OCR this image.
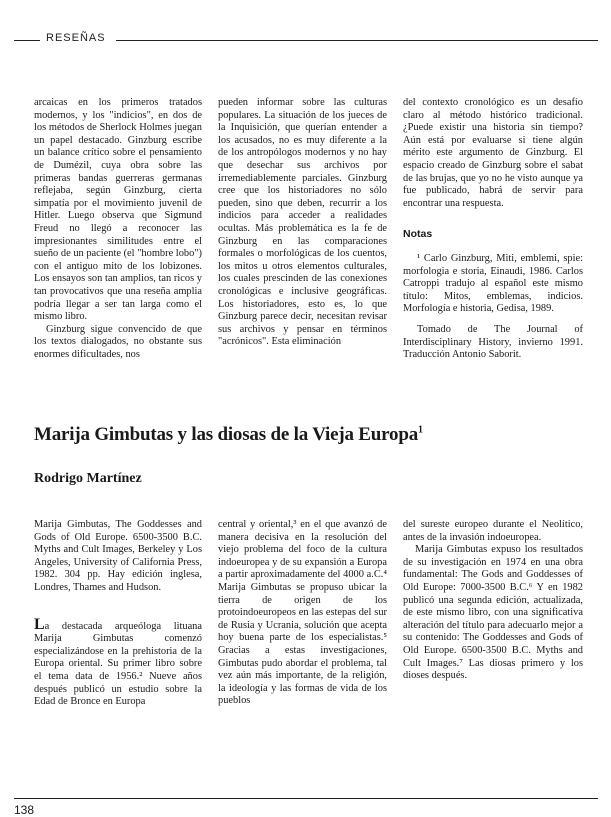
RESEÑAS

arcaicas en los primeros tratados modernos, y los "indicios", en dos de los métodos de Sherlock Holmes juegan un papel destacado. Ginzburg escribe un balance crítico sobre el pensamiento de Dumézil, cuya obra sobre las primeras bandas guerreras germanas reflejaba, según Ginzburg, cierta simpatía por el movimiento juvenil de Hitler. Luego observa que Sigmund Freud no llegó a reconocer las impresionantes similitudes entre el sueño de un paciente (el "hombre lobo") con el antiguo mito de los lobizones. Los ensayos son tan amplios, tan ricos y tan provocativos que una reseña amplia podría llegar a ser tan larga como el mismo libro.

Ginzburg sigue convencido de que los textos dialogados, no obstante sus enormes dificultades, nos

pueden informar sobre las culturas populares. La situación de los jueces de la Inquisición, que querían entender a los acusados, no es muy diferente a la de los antropólogos modernos y no hay que desechar sus archivos por irremediablemente parciales. Ginzburg cree que los historiadores no sólo pueden, sino que deben, recurrir a los indicios para acceder a realidades ocultas. Más problemática es la fe de Ginzburg en las comparaciones formales o morfológicas de los cuentos, los mitos u otros elementos culturales, los cuales prescinden de las conexiones cronológicas e inclusive geográficas. Los historiadores, esto es, lo que Ginzburg parece decir, necesitan revisar sus archivos y pensar en términos "acrónicos". Esta eliminación

del contexto cronológico es un desafío claro al método histórico tradicional. ¿Puede existir una historia sin tiempo? Aún está por evaluarse si tiene algún mérito este argumento de Ginzburg. El espacio creado de Ginzburg sobre el sabat de las brujas, que yo no he visto aunque ya fue publicado, habrá de servir para encontrar una respuesta.

Notas

¹ Carlo Ginzburg, Miti, emblemi, spie: morfologia e storia, Einaudi, 1986. Carlos Catroppi tradujo al español este mismo título: Mitos, emblemas, indicios. Morfología e historia, Gedisa, 1989.

Tomado de The Journal of Interdisciplinary History, invierno 1991. Traducción Antonio Saborit.

Marija Gimbutas y las diosas de la Vieja Europa$^1$

Rodrigo Martínez

Marija Gimbutas, The Goddesses and Gods of Old Europe. 6500-3500 B.C. Myths and Cult Images, Berkeley y Los Angeles, University of California Press, 1982. 304 pp. Hay edición inglesa, Londres, Thames and Hudson.

La destacada arqueóloga lituana Marija Gimbutas comenzó especializándose en la prehistoria de la Europa oriental. Su primer libro sobre el tema data de 1956.² Nueve años después publicó un estudio sobre la Edad de Bronce en Europa

central y oriental,³ en el que avanzó de manera decisiva en la resolución del viejo problema del foco de la cultura indoeuropea y de su expansión a Europa a partir aproximadamente del 4000 a.C.⁴ Marija Gimbutas se propuso ubicar la tierra de origen de los protoindoeuropeos en las estepas del sur de Rusia y Ucrania, solución que acepta hoy buena parte de los especialistas.⁵ Gracias a estas investigaciones, Gimbutas pudo abordar el problema, tal vez aún más importante, de la religión, la ideología y las formas de vida de los pueblos

del sureste europeo durante el Neolítico, antes de la invasión indoeuropea.

Marija Gimbutas expuso los resultados de su investigación en 1974 en una obra fundamental: The Gods and Goddesses of Old Europe: 7000-3500 B.C.⁶ Y en 1982 publicó una segunda edición, actualizada, de este mismo libro, con una significativa alteración del título para adecuarlo mejor a su contenido: The Goddesses and Gods of Old Europe. 6500-3500 B.C. Myths and Cult Images.⁷ Las diosas primero y los dioses después.

138
